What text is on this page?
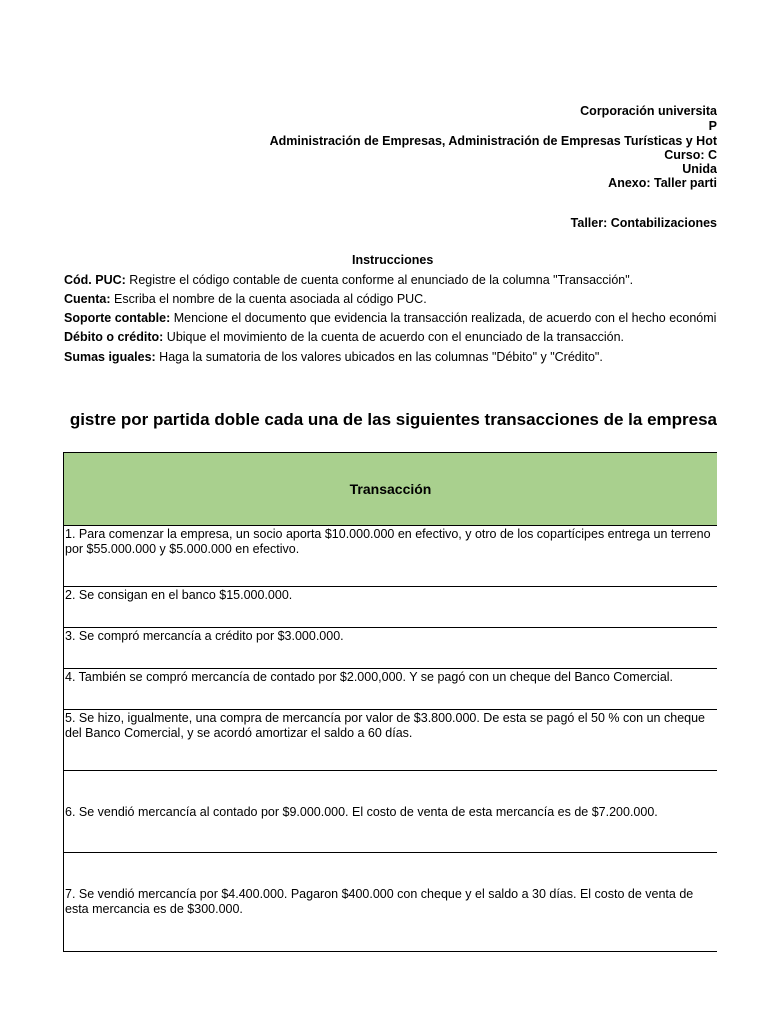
Corporación universita
P
Administración de Empresas, Administración de Empresas Turísticas y Hot
Curso: C
Unida
Anexo: Taller parti
Taller: Contabilizaciones
Instrucciones
Cód. PUC: Registre el código contable de cuenta conforme al enunciado de la columna "Transacción".
Cuenta: Escriba el nombre de la cuenta asociada al código PUC.
Soporte contable: Mencione el documento que evidencia la transacción realizada, de acuerdo con el hecho económi
Débito o crédito: Ubique el movimiento de la cuenta de acuerdo con el enunciado de la transacción.
Sumas iguales: Haga la sumatoria de los valores ubicados en las columnas "Débito" y "Crédito".
gistre por partida doble cada una de las siguientes transacciones de la empresa
Transacción
1. Para comenzar la empresa, un socio aporta $10.000.000 en efectivo, y otro de los copartícipes entrega un terreno por $55.000.000 y $5.000.000 en efectivo.
2. Se consigan en el banco $15.000.000.
3. Se compró mercancía a crédito por $3.000.000.
4. También se compró mercancía de contado por $2.000,000. Y se pagó con un cheque del Banco Comercial.
5. Se hizo, igualmente, una compra de mercancía por valor de $3.800.000. De esta se pagó el 50 % con un cheque del Banco Comercial, y se acordó amortizar el saldo a 60 días.
6. Se vendió mercancía al contado por $9.000.000. El costo de venta de esta mercancía es de $7.200.000.
7. Se vendió mercancía por $4.400.000. Pagaron $400.000 con cheque y el saldo a 30 días. El costo de venta de esta mercancia es de $300.000.
